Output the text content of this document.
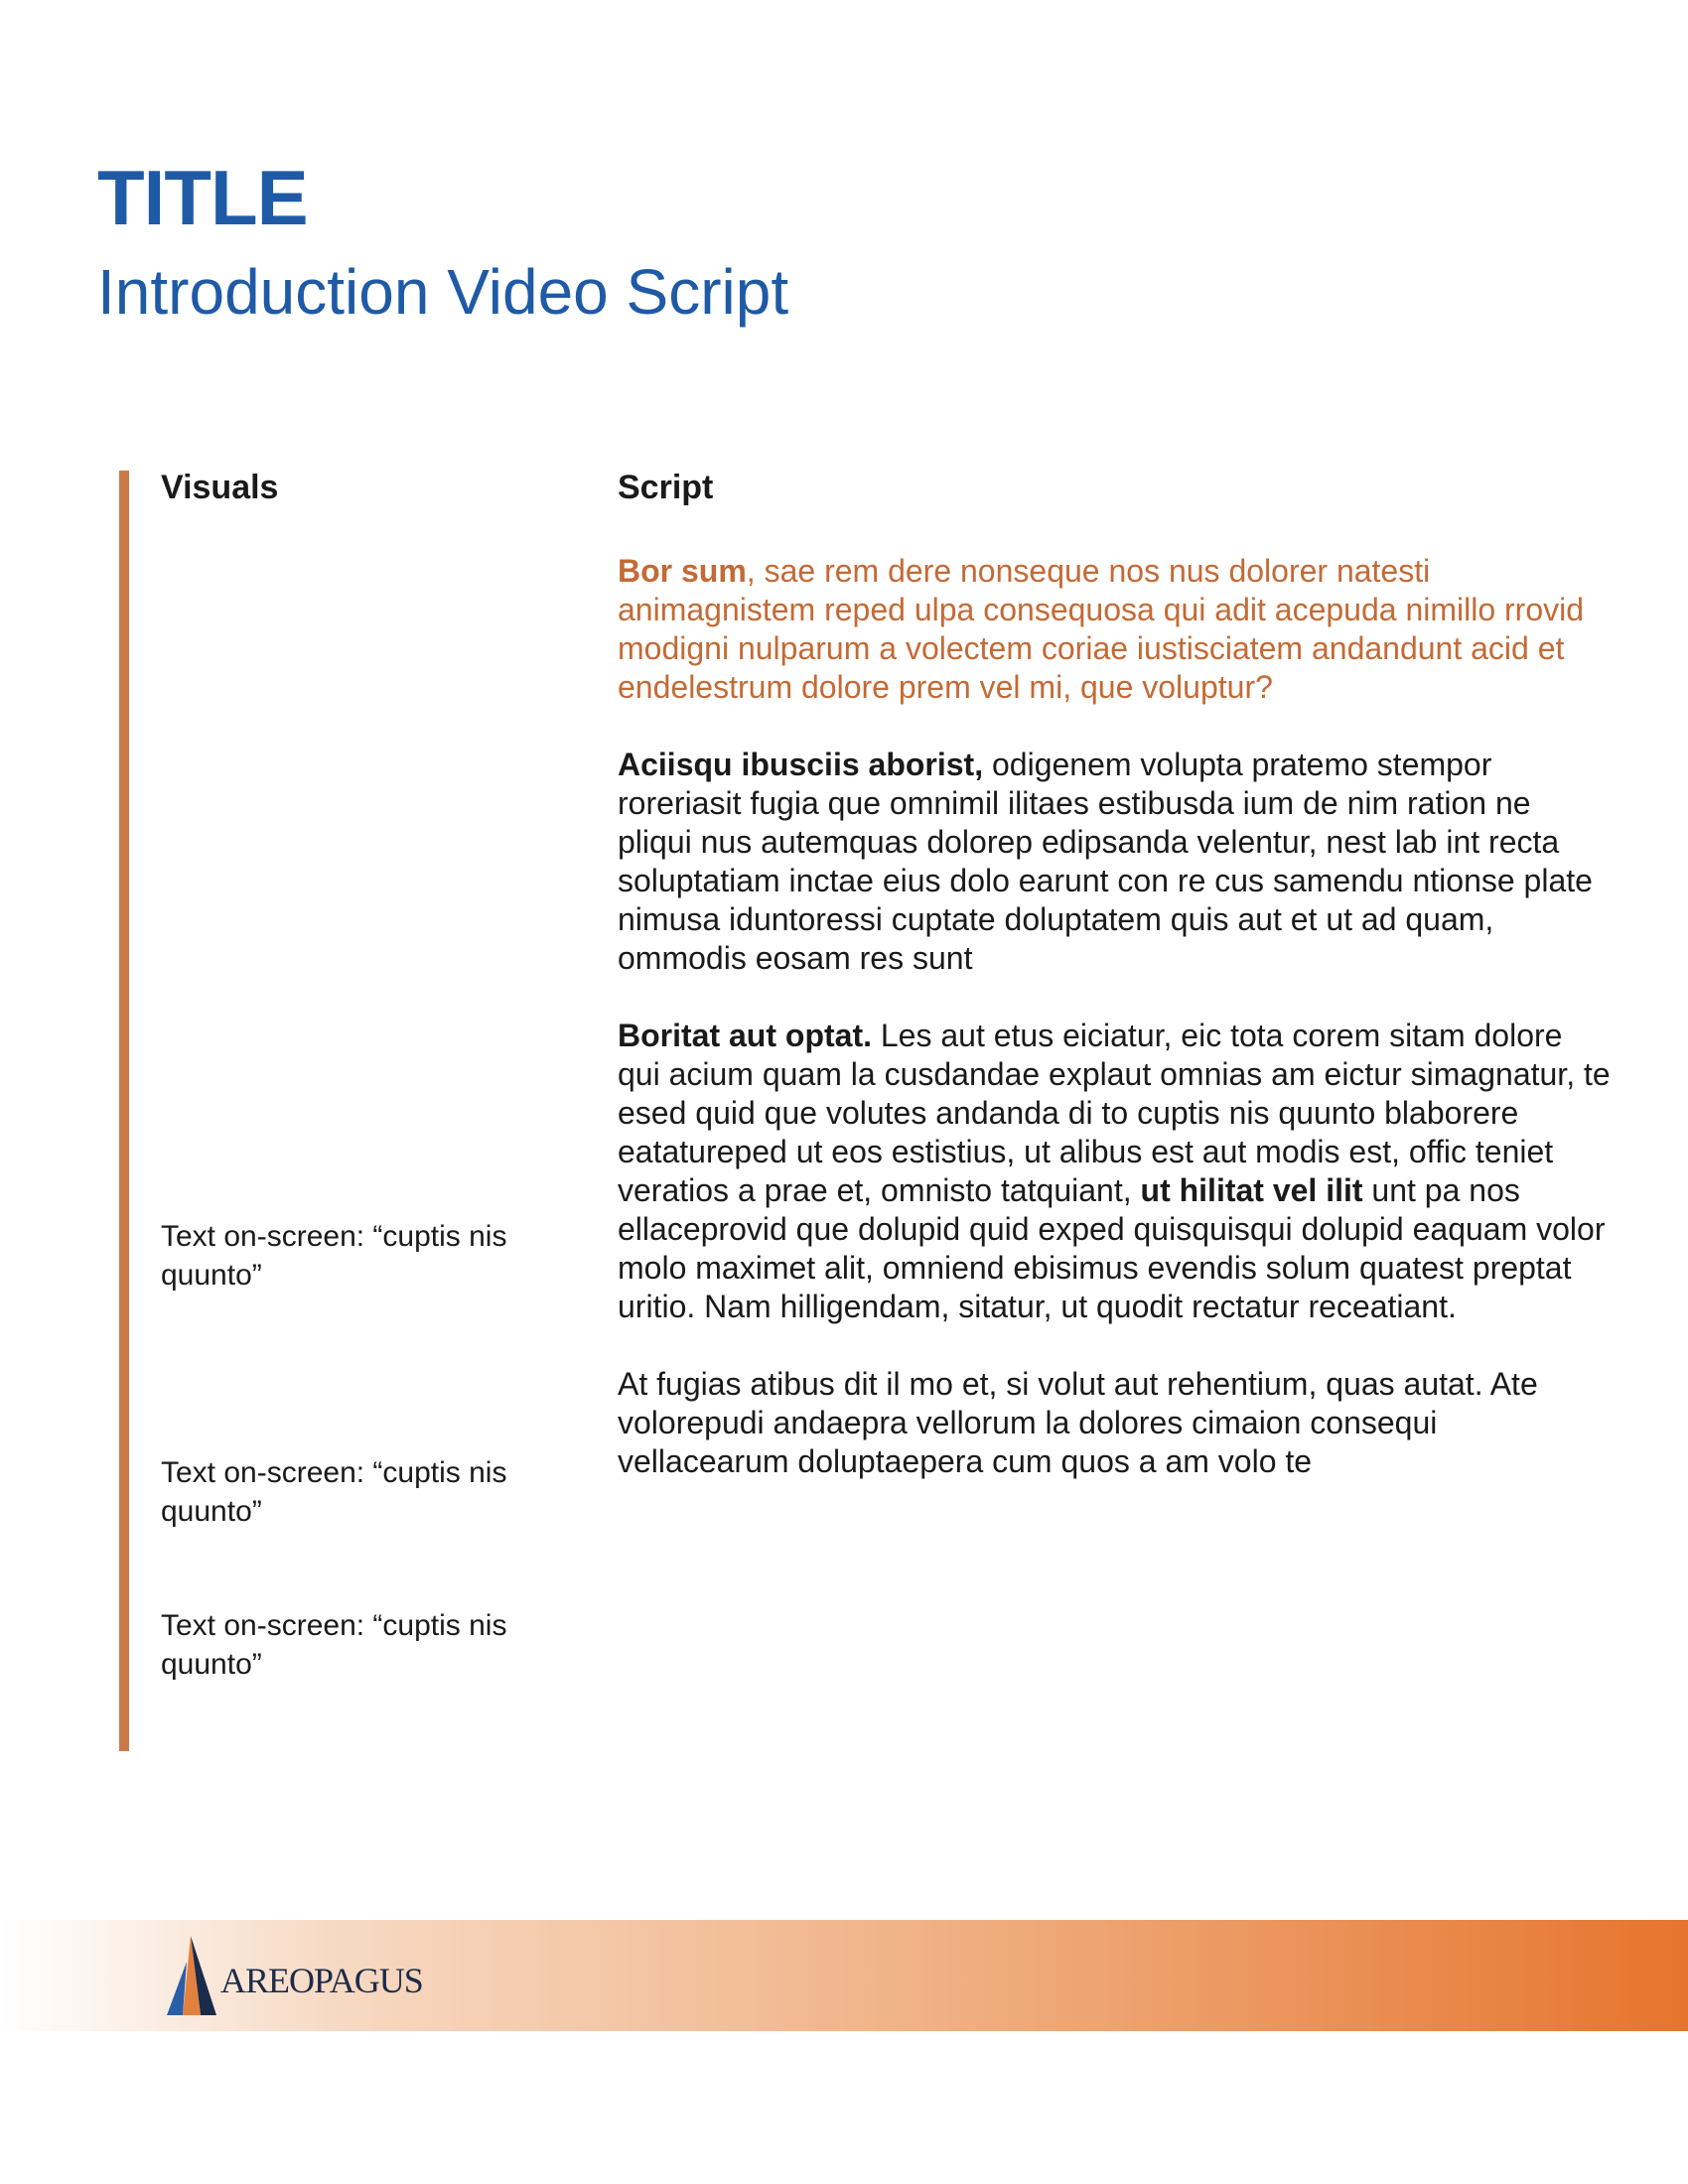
TITLE
Introduction Video Script
Visuals	Script
Text on-screen: “cuptis nis quunto”
Text on-screen: “cuptis nis quunto”
Text on-screen: “cuptis nis quunto”

Bor sum, sae rem dere nonseque nos nus dolorer natesti animagnistem reped ulpa consequosa qui adit acepuda nimillo rrovid modigni nulparum a volectem coriae iustisciatem andandunt acid et endelestrum dolore prem vel mi, que voluptur?

Aciisqu ibusciis aborist, odigenem volupta pratemo stempor roreriasit fugia que omnimil ilitaes estibusda ium de nim ration ne pliqui nus autemquas dolorep edipsanda velentur, nest lab int recta soluptatiam inctae eius dolo earunt con re cus samendu ntionse plate nimusa iduntoressi cuptate doluptatem quis aut et ut ad quam, ommodis eosam res sunt

Boritat aut optat. Les aut etus eiciatur, eic tota corem sitam dolore qui acium quam la cusdandae explaut omnias am eictur simagnatur, te esed quid que volutes andanda di to cuptis nis quunto blaborere eatatureped ut eos estistius, ut alibus est aut modis est, offic teniet veratios a prae et, omnisto tatquiant, ut hilitat vel ilit unt pa nos ellaceprovid que dolupid quid exped quisquisqui dolupid eaquam volor molo maximet alit, omniend ebisimus evendis solum quatest preptat uritio. Nam hilligendam, sitatur, ut quodit rectatur receatiant.

At fugias atibus dit il mo et, si volut aut rehentium, quas autat. Ate volorepudi andaepra vellorum la dolores cimaion consequi vellacearum doluptaepera cum quos a am volo te

AREOPAGUS
